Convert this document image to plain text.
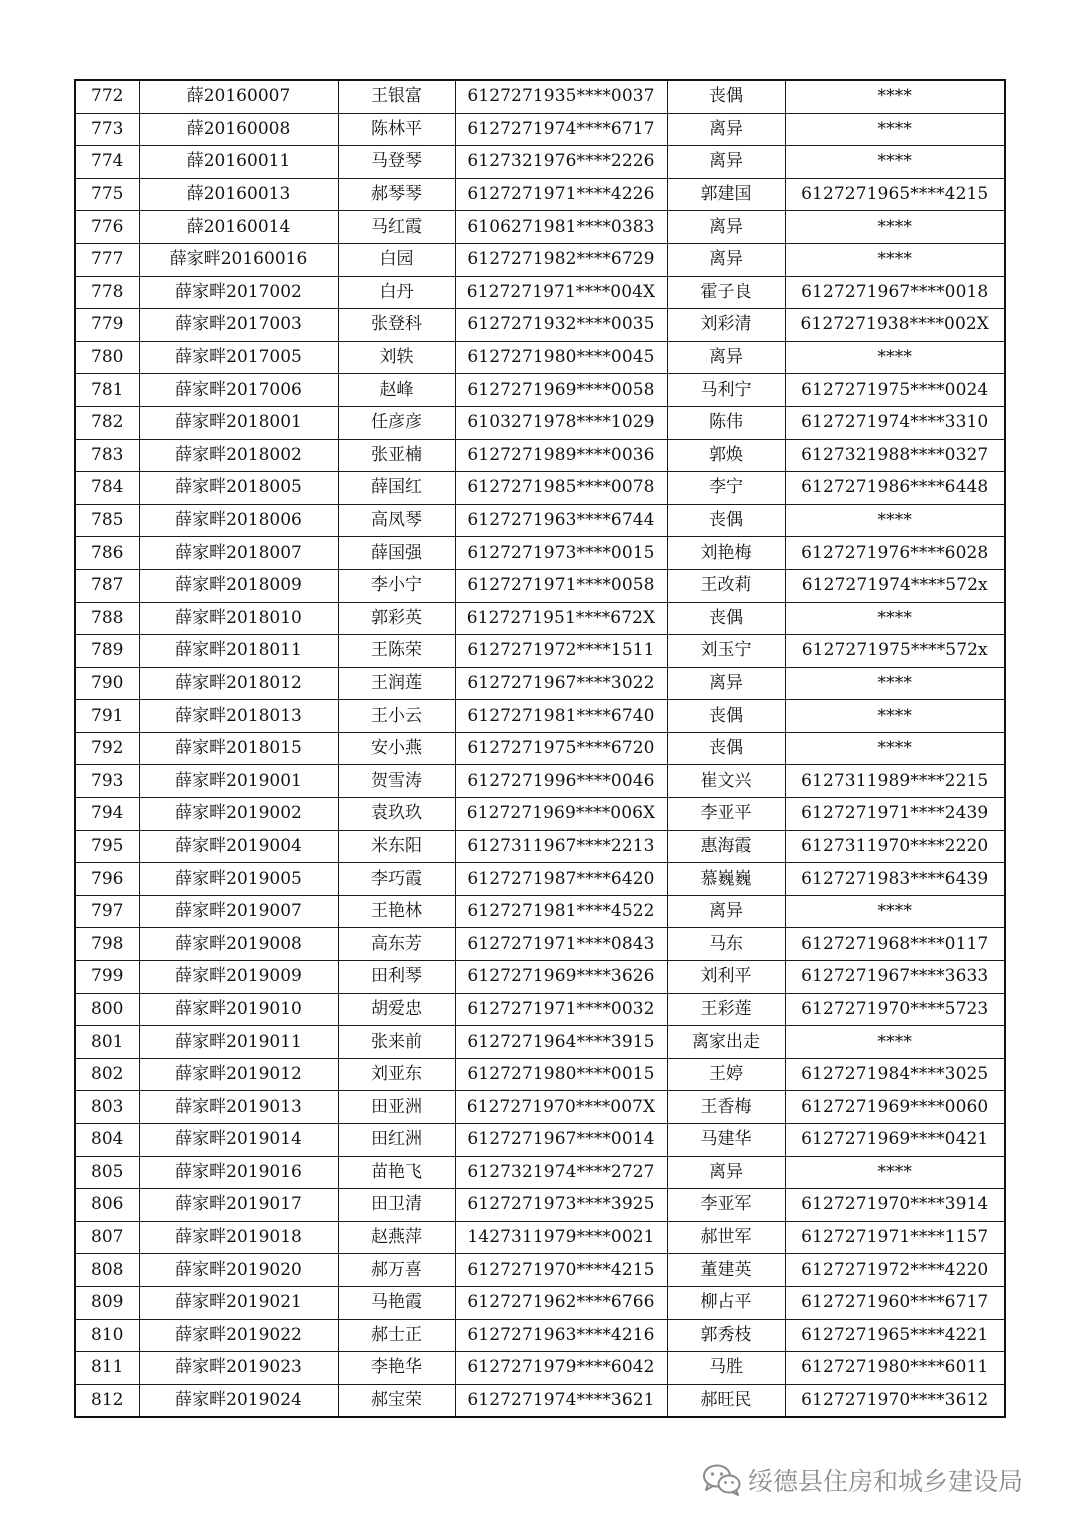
772	薛20160007	王银富	6127271935****0037	丧偶	****
773	薛20160008	陈林平	6127271974****6717	离异	****
774	薛20160011	马登琴	6127321976****2226	离异	****
775	薛20160013	郝琴琴	6127271971****4226	郭建国	6127271965****4215
776	薛20160014	马红霞	6106271981****0383	离异	****
777	薛家畔20160016	白园	6127271982****6729	离异	****
778	薛家畔2017002	白丹	6127271971****004X	霍子良	6127271967****0018
779	薛家畔2017003	张登科	6127271932****0035	刘彩清	6127271938****002X
780	薛家畔2017005	刘轶	6127271980****0045	离异	****
781	薛家畔2017006	赵峰	6127271969****0058	马利宁	6127271975****0024
782	薛家畔2018001	任彦彦	6103271978****1029	陈伟	6127271974****3310
783	薛家畔2018002	张亚楠	6127271989****0036	郭焕	6127321988****0327
784	薛家畔2018005	薛国红	6127271985****0078	李宁	6127271986****6448
785	薛家畔2018006	高凤琴	6127271963****6744	丧偶	****
786	薛家畔2018007	薛国强	6127271973****0015	刘艳梅	6127271976****6028
787	薛家畔2018009	李小宁	6127271971****0058	王改莉	6127271974****572x
788	薛家畔2018010	郭彩英	6127271951****672X	丧偶	****
789	薛家畔2018011	王陈荣	6127271972****1511	刘玉宁	6127271975****572x
790	薛家畔2018012	王润莲	6127271967****3022	离异	****
791	薛家畔2018013	王小云	6127271981****6740	丧偶	****
792	薛家畔2018015	安小燕	6127271975****6720	丧偶	****
793	薛家畔2019001	贺雪涛	6127271996****0046	崔文兴	6127311989****2215
794	薛家畔2019002	袁玖玖	6127271969****006X	李亚平	6127271971****2439
795	薛家畔2019004	米东阳	6127311967****2213	惠海霞	6127311970****2220
796	薛家畔2019005	李巧霞	6127271987****6420	慕巍巍	6127271983****6439
797	薛家畔2019007	王艳林	6127271981****4522	离异	****
798	薛家畔2019008	高东芳	6127271971****0843	马东	6127271968****0117
799	薛家畔2019009	田利琴	6127271969****3626	刘利平	6127271967****3633
800	薛家畔2019010	胡爱忠	6127271971****0032	王彩莲	6127271970****5723
801	薛家畔2019011	张来前	6127271964****3915	离家出走	****
802	薛家畔2019012	刘亚东	6127271980****0015	王婷	6127271984****3025
803	薛家畔2019013	田亚洲	6127271970****007X	王香梅	6127271969****0060
804	薛家畔2019014	田红洲	6127271967****0014	马建华	6127271969****0421
805	薛家畔2019016	苗艳飞	6127321974****2727	离异	****
806	薛家畔2019017	田卫清	6127271973****3925	李亚军	6127271970****3914
807	薛家畔2019018	赵燕萍	1427311979****0021	郝世军	6127271971****1157
808	薛家畔2019020	郝万喜	6127271970****4215	董建英	6127271972****4220
809	薛家畔2019021	马艳霞	6127271962****6766	柳占平	6127271960****6717
810	薛家畔2019022	郝士正	6127271963****4216	郭秀枝	6127271965****4221
811	薛家畔2019023	李艳华	6127271979****6042	马胜	6127271980****6011
812	薛家畔2019024	郝宝荣	6127271974****3621	郝旺民	6127271970****3612
绥德县住房和城乡建设局
